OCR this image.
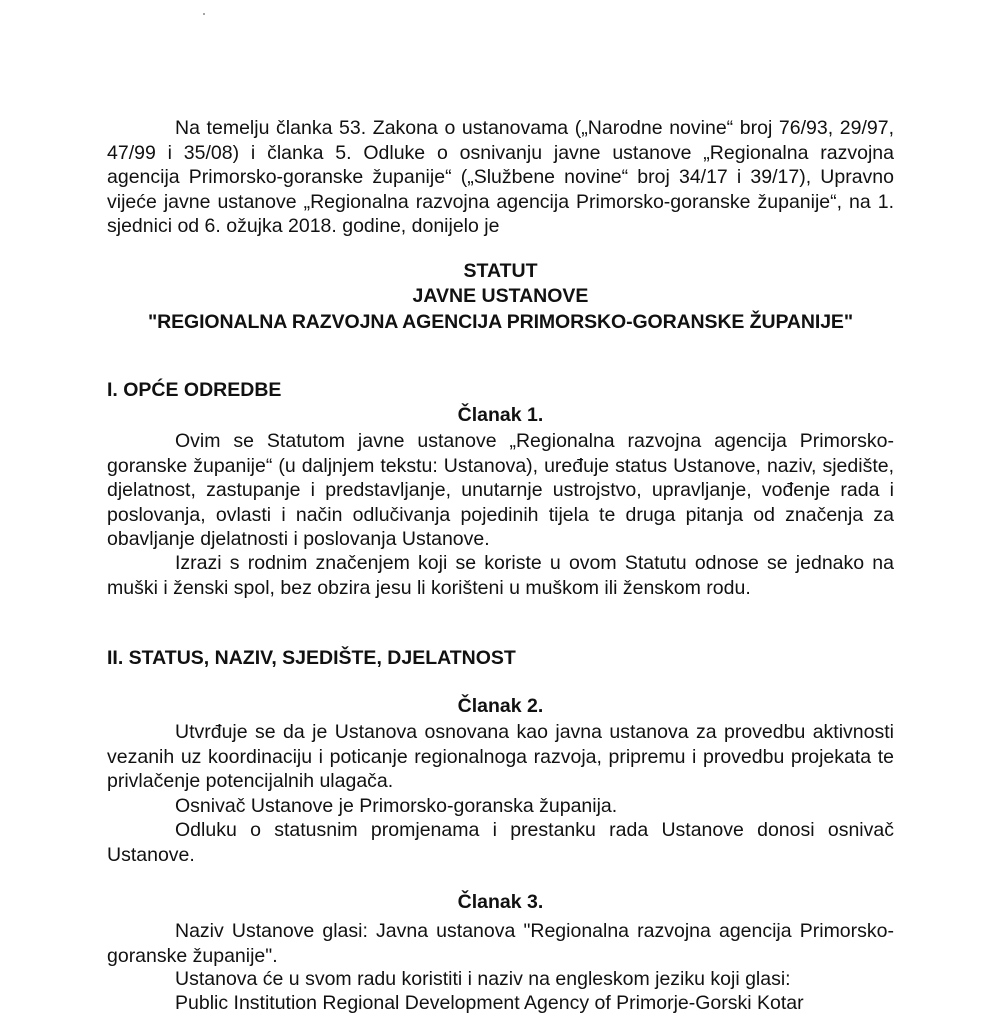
Na temelju članka 53. Zakona o ustanovama („Narodne novine“ broj 76/93, 29/97, 47/99 i 35/08) i članka 5. Odluke o osnivanju javne ustanove „Regionalna razvojna agencija Primorsko-goranske županije“ („Službene novine“ broj 34/17 i 39/17), Upravno vijeće javne ustanove „Regionalna razvojna agencija Primorsko-goranske županije“, na 1. sjednici od 6. ožujka 2018. godine, donijelo je

STATUT

JAVNE USTANOVE

"REGIONALNA RAZVOJNA AGENCIJA PRIMORSKO-GORANSKE ŽUPANIJE"

I. OPĆE ODREDBE

Članak 1.

Ovim se Statutom javne ustanove „Regionalna razvojna agencija Primorsko-goranske županije“ (u daljnjem tekstu: Ustanova), uređuje status Ustanove, naziv, sjedište, djelatnost, zastupanje i predstavljanje, unutarnje ustrojstvo, upravljanje, vođenje rada i poslovanja, ovlasti i način odlučivanja pojedinih tijela te druga pitanja od značenja za obavljanje djelatnosti i poslovanja Ustanove.

Izrazi s rodnim značenjem koji se koriste u ovom Statutu odnose se jednako na muški i ženski spol, bez obzira jesu li korišteni u muškom ili ženskom rodu.

II. STATUS, NAZIV, SJEDIŠTE, DJELATNOST

Članak 2.

Utvrđuje se da je Ustanova osnovana kao javna ustanova za provedbu aktivnosti vezanih uz koordinaciju i poticanje regionalnoga razvoja, pripremu i provedbu projekata te privlačenje potencijalnih ulagača.

Osnivač Ustanove je Primorsko-goranska županija.

Odluku o statusnim promjenama i prestanku rada Ustanove donosi osnivač Ustanove.

Članak 3.

Naziv Ustanove glasi: Javna ustanova "Regionalna razvojna agencija Primorsko-goranske županije".

Ustanova će u svom radu koristiti i naziv na engleskom jeziku koji glasi:

Public Institution Regional Development Agency of Primorje-Gorski Kotar
